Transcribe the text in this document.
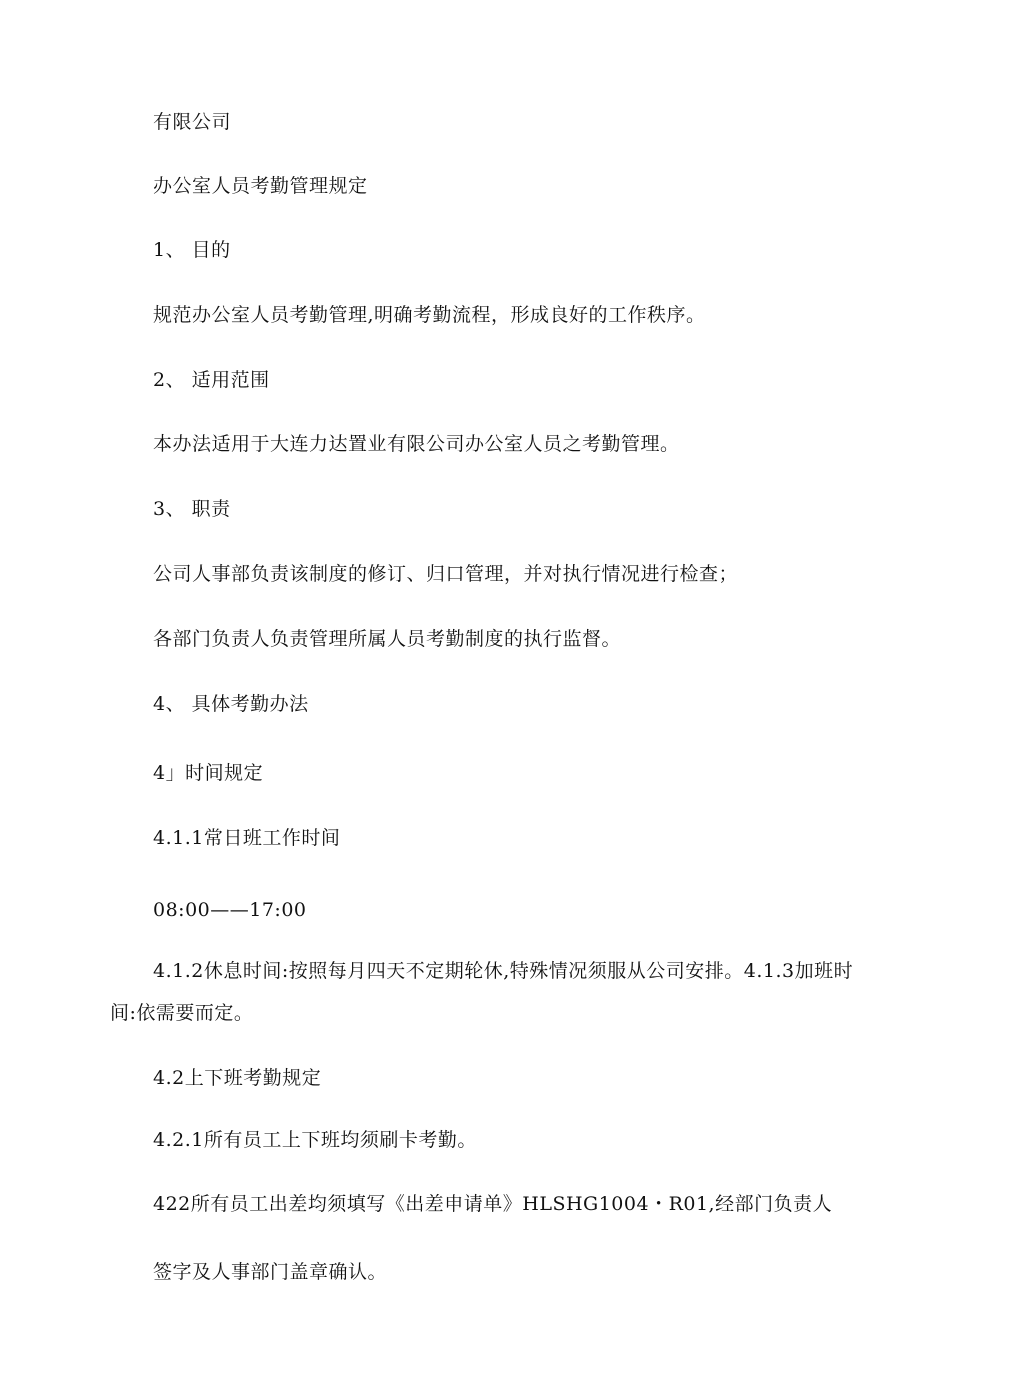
有限公司
办公室人员考勤管理规定
1、 目的
规范办公室人员考勤管理,明确考勤流程，形成良好的工作秩序。
2、 适用范围
本办法适用于大连力达置业有限公司办公室人员之考勤管理。
3、 职责
公司人事部负责该制度的修订、归口管理，并对执行情况进行检查；
各部门负责人负责管理所属人员考勤制度的执行监督。
4、 具体考勤办法
4」时间规定
4.1.1常日班工作时间
08:00——17:00
4.1.2休息时间:按照每月四天不定期轮休,特殊情况须服从公司安排。4.1.3加班时间:依需要而定。
4.2上下班考勤规定
4.2.1所有员工上下班均须刷卡考勤。
422所有员工出差均须填写《出差申请单》HLSHG1004・R01,经部门负责人
签字及人事部门盖章确认。
